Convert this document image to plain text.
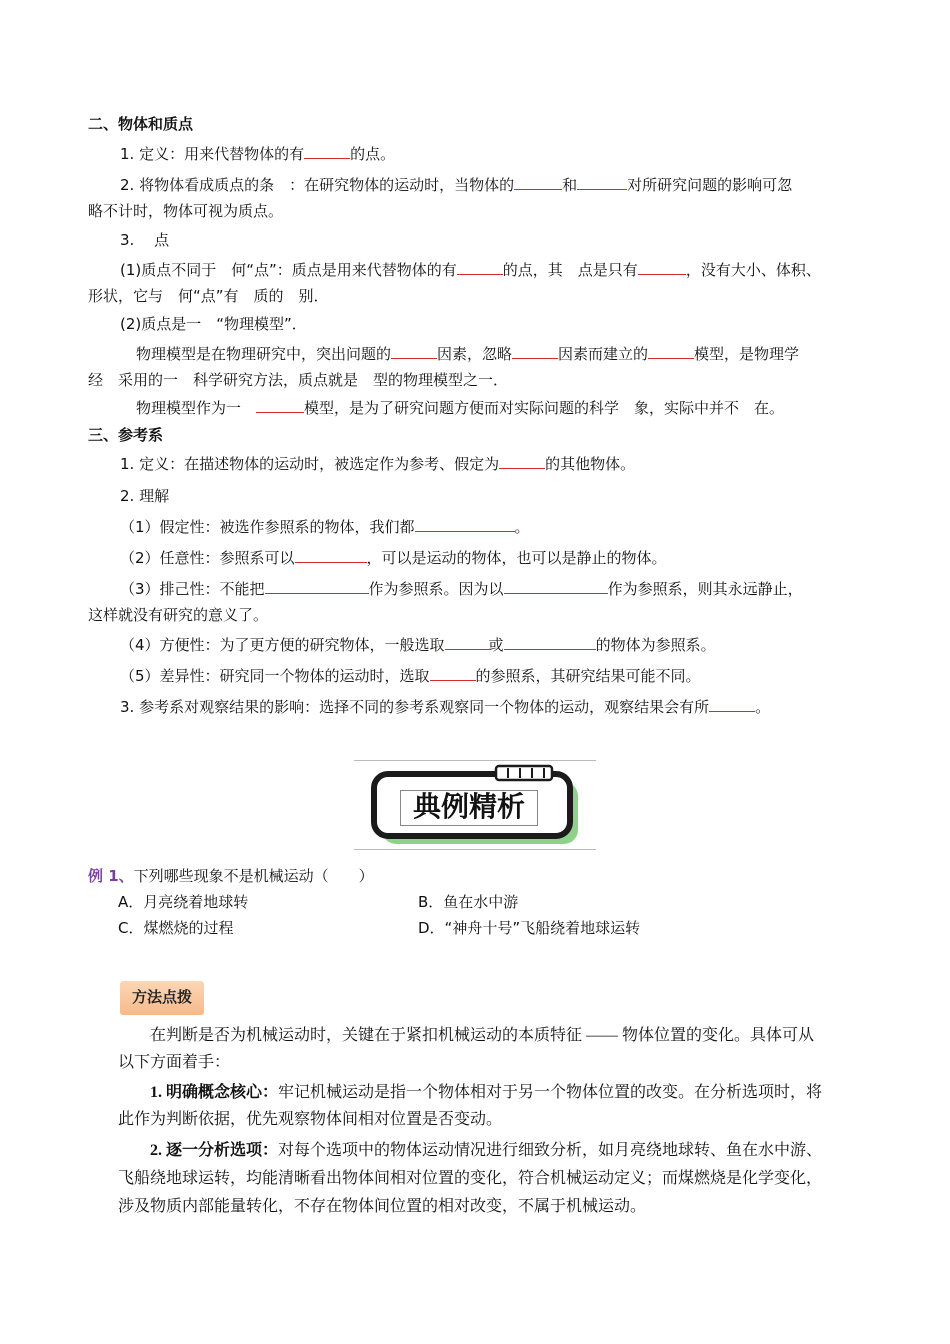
二、物体和质点
1. 定义：用来代替物体的有	的点。
2. 将物体看成质点的条　：在研究物体的运动时，当物体的	和	对所研究问题的影响可忽
略不计时，物体可视为质点。
3.　 点
(1)质点不同于　何“点”：质点是用来代替物体的有	的点，其　点是只有	，没有大小、体积、
形状，它与　何“点”有　质的　别．
(2)质点是一　“物理模型”．
物理模型是在物理研究中，突出问题的	因素，忽略	因素而建立的	模型，是物理学
经　采用的一　科学研究方法，质点就是　型的物理模型之一．
物理模型作为一　	模型，是为了研究问题方便而对实际问题的科学　象，实际中并不　在。
三、参考系
1. 定义：在描述物体的运动时，被选定作为参考、假定为	的其他物体。
2. 理解
（1）假定性：被选作参照系的物体，我们都	。
（2）任意性：参照系可以	，可以是运动的物体，也可以是静止的物体。
（3）排己性：不能把	作为参照系。因为以	作为参照系，则其永远静止，
这样就没有研究的意义了。
（4）方便性：为了更方便的研究物体，一般选取	或	的物体为参照系。
（5）差异性：研究同一个物体的运动时，选取	的参照系，其研究结果可能不同。
3. 参考系对观察结果的影响：选择不同的参考系观察同一个物体的运动，观察结果会有所	。
典例精析
例 1、下列哪些现象不是机械运动（　　）
A．月亮绕着地球转	B．鱼在水中游
C．煤燃烧的过程	D．“神舟十号”飞船绕着地球运转
方法点拨
在判断是否为机械运动时，关键在于紧扣机械运动的本质特征 —— 物体位置的变化。具体可从
以下方面着手：
1. 明确概念核心：牢记机械运动是指一个物体相对于另一个物体位置的改变。在分析选项时，将
此作为判断依据，优先观察物体间相对位置是否变动。
2. 逐一分析选项：对每个选项中的物体运动情况进行细致分析，如月亮绕地球转、鱼在水中游、
飞船绕地球运转，均能清晰看出物体间相对位置的变化，符合机械运动定义；而煤燃烧是化学变化，
涉及物质内部能量转化，不存在物体间位置的相对改变，不属于机械运动。
